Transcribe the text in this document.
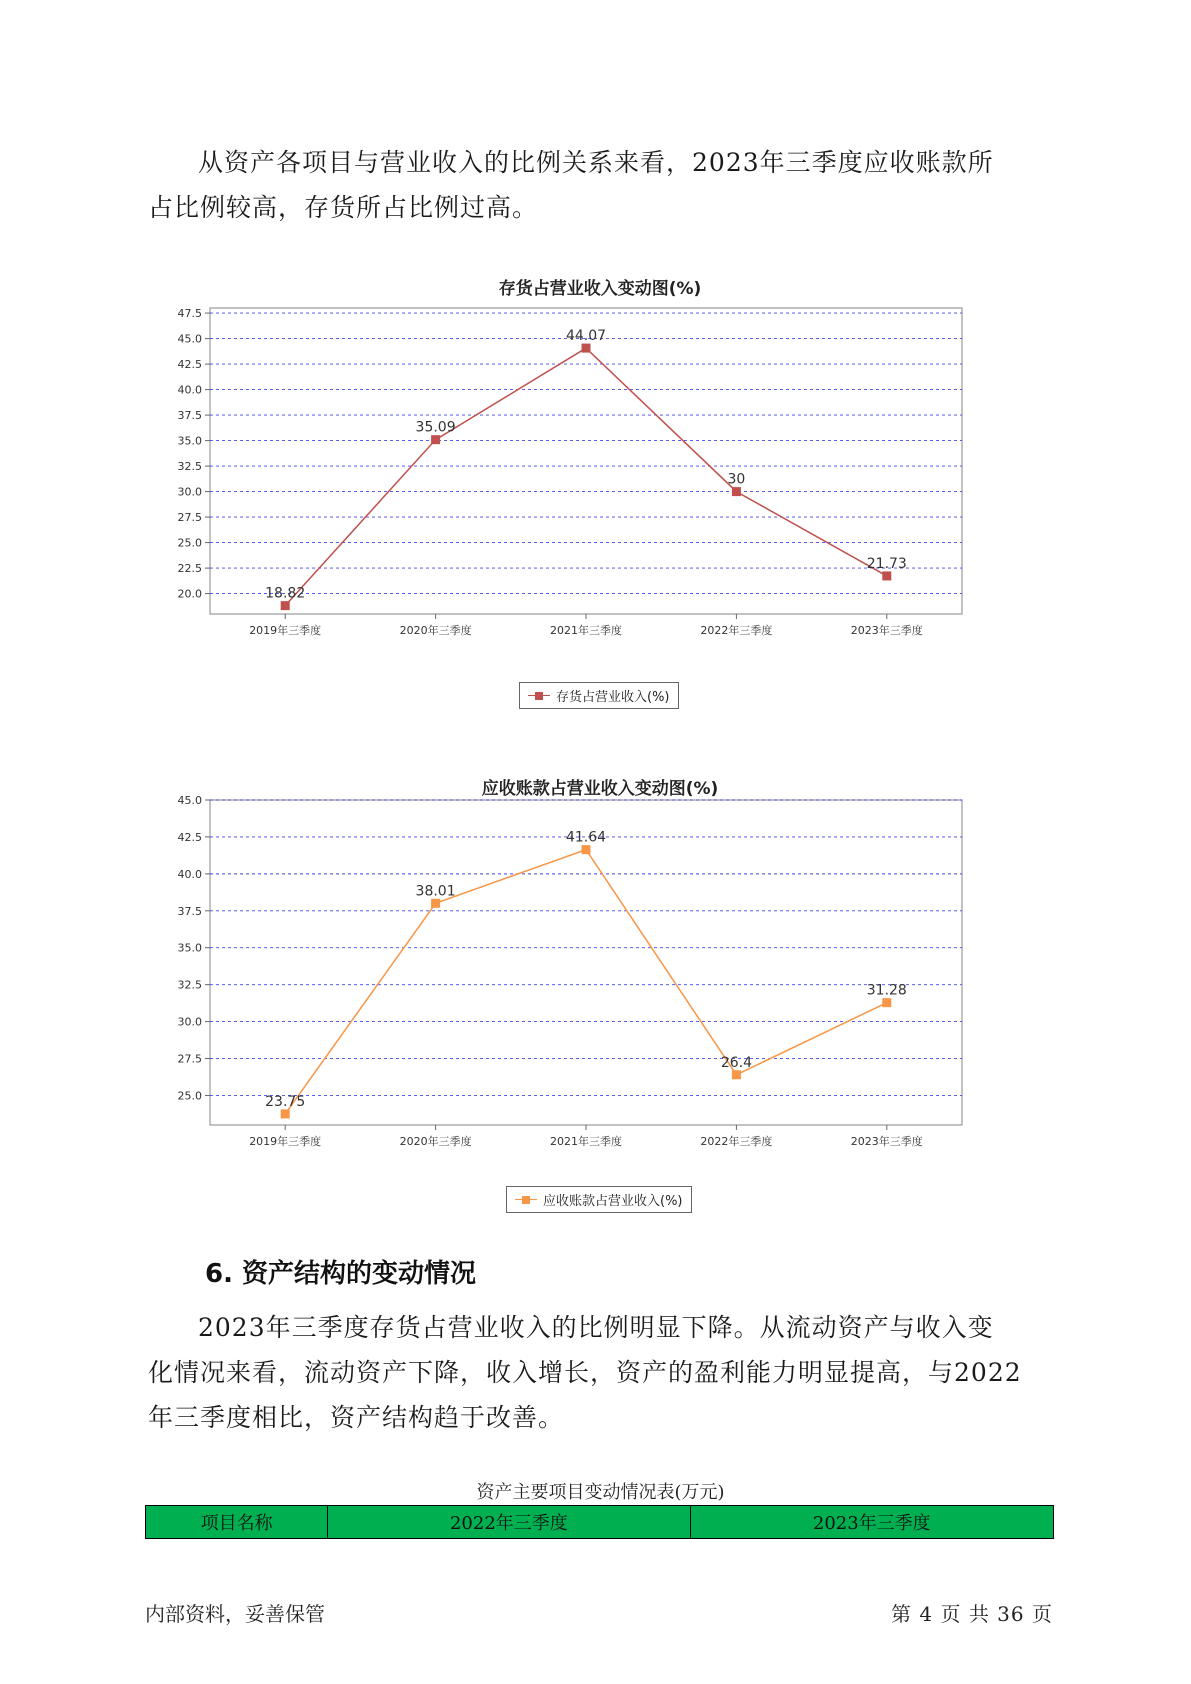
从资产各项目与营业收入的比例关系来看，2023年三季度应收账款所
占比例较高，存货所占比例过高。
存货占营业收入变动图(%)
20.0
22.5
25.0
27.5
30.0
32.5
35.0
37.5
40.0
42.5
45.0
47.5
2019年三季度	2020年三季度	2021年三季度	2022年三季度	2023年三季度
18.82
35.09
44.07
30
21.73
存货占营业收入(%)
应收账款占营业收入变动图(%)
25.0
27.5
30.0
32.5
35.0
37.5
40.0
42.5
45.0
2019年三季度	2020年三季度	2021年三季度	2022年三季度	2023年三季度
23.75
38.01
41.64
26.4
31.28
应收账款占营业收入(%)
6. 资产结构的变动情况
2023年三季度存货占营业收入的比例明显下降。从流动资产与收入变
化情况来看，流动资产下降，收入增长，资产的盈利能力明显提高，与2022
年三季度相比，资产结构趋于改善。
资产主要项目变动情况表(万元)
项目名称	2022年三季度	2023年三季度
内部资料，妥善保管	第 4 页 共 36 页
